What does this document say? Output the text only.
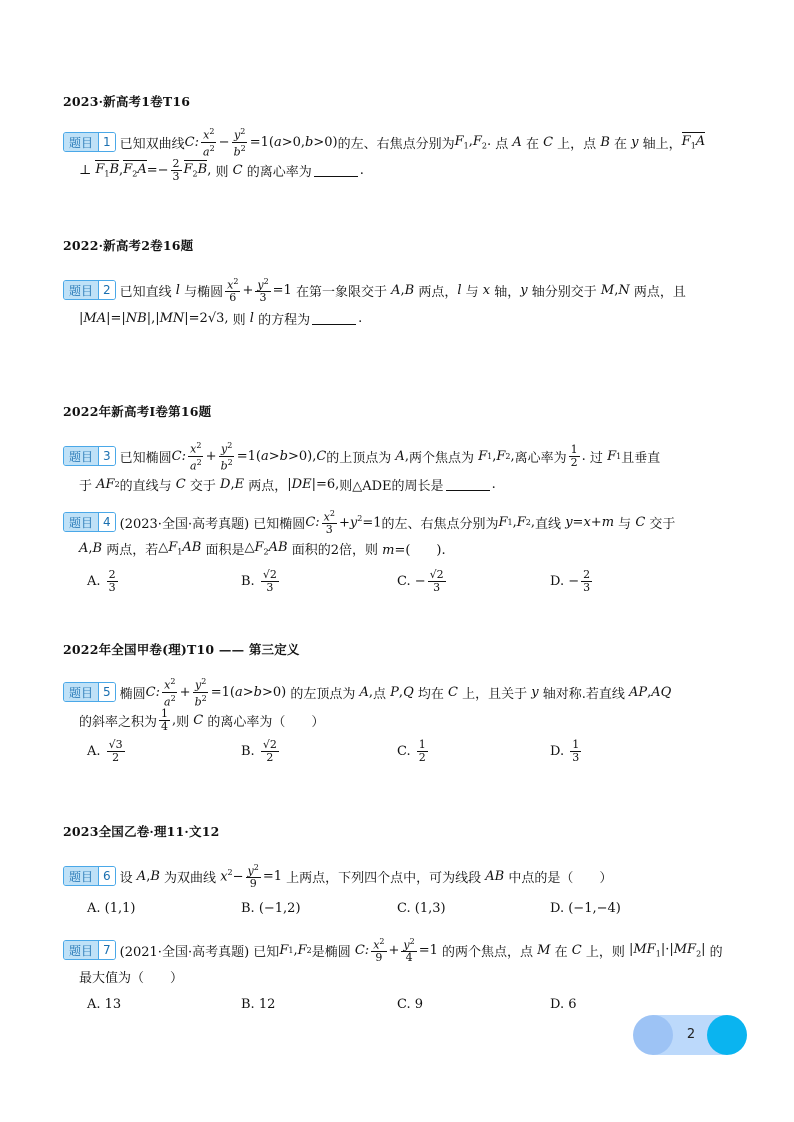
2023·新高考1卷T16
题目 1 已知双曲线 C: $\frac{x^2}{a^2} - \frac{y^2}{b^2} =1(a>0,b>0)$ 的左、右焦点分别为 $F_1,F_2$. 点 A 在 C 上，点 B 在 y 轴上， $F_1A$
⊥ $F_1B$ , $F_2A =- \frac{2}{3} F_2B$ , 则 C 的离心率为	.
2022·新高考2卷16题
题目 2 已知直线 l 与椭圆 $\frac{x^2}{6} + \frac{y^2}{3} =1$ 在第一象限交于 A , B 两点， l 与 x 轴， y 轴分别交于 M , N 两点，且
|MA|=|NB|,|MN|=2√3, 则 l 的方程为	.
2022年新高考I卷第16题
题目 3 已知椭圆 C: $\frac{x^2}{a^2} + \frac{y^2}{b^2} =1(a>b>0),C$ 的上顶点为 A , 两个焦点为 F 1 , F 2 , 离心率为 $\frac{1}{2}$ . 过 F 1 且垂直
于 AF 2 的直线与 C 交于 D , E 两点， |DE|=6, 则△ADE的周长是	.
题目 4 (2023·全国·高考真题)
已知椭圆 C: $\frac{x^2}{3} +y^2=1$ 的左、右焦点分别为 F 1 , F 2 , 直线 y=x+m 与 C 交于
A , B 两点，若 $\triangle F_1AB$ 面积是 $\triangle F_2AB$ 面积的2倍，则 m=(　　).
A.
$\frac{2}{3}$	B.
$\frac{√2}{3}$	C. − $\frac{√2}{3}$	D. − $\frac{2}{3}$
2022年全国甲卷(理)T10 —— 第三定义
题目 5 椭圆 C: $\frac{x^2}{a^2} + \frac{y^2}{b^2} =1(a>b>0)$ 的左顶点为 A , 点 P , Q 均在 C 上，且关于 y 轴对称.若直线 AP , AQ
的斜率之积为 $\frac{1}{4}$ , 则 C 的离心率为（　　）
A.
$\frac{√3}{2}$	B.
$\frac{√2}{2}$	C.
$\frac{1}{2}$	D.
$\frac{1}{3}$
2023全国乙卷·理11·文12
题目 6 设 A , B 为双曲线 $x^2- \frac{y^2}{9} =1$ 上两点，下列四个点中，可为线段 AB 中点的是（　　）
A. (1,1)	B. (−1,2)	C. (1,3)	D. (−1,−4)
题目 7 (2021·全国·高考真题)
已知 F 1 , F 2 是椭圆 C: $\frac{x^2}{9} + \frac{y^2}{4} =1$ 的两个焦点，点 M 在 C 上，则 $|MF_1|\cdot|MF_2|$ 的
最大值为（　　）
A. 13	B. 12	C. 9	D. 6
2
